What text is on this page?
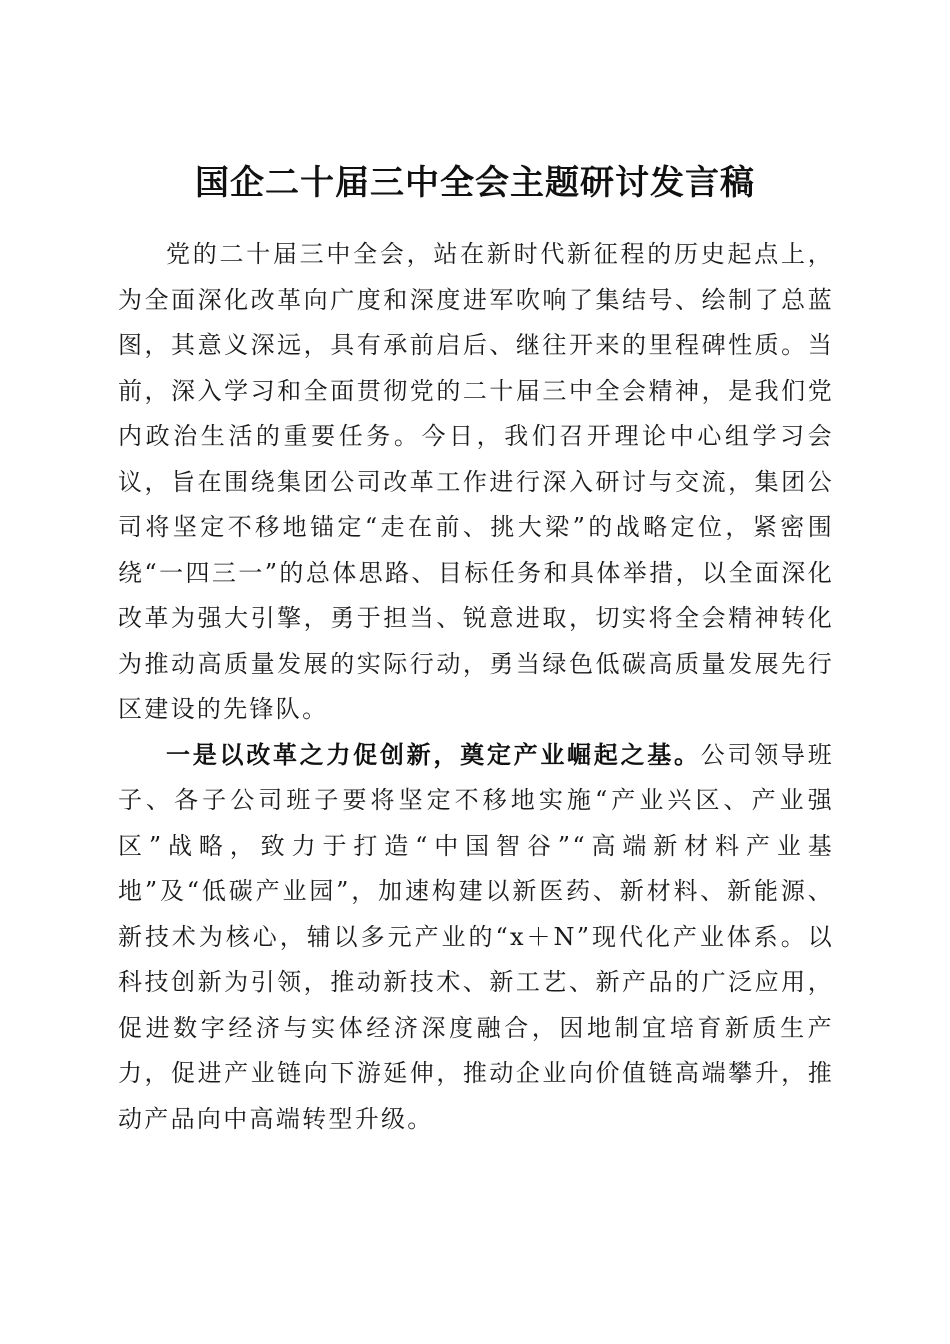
国企二十届三中全会主题研讨发言稿

党的二十届三中全会，站在新时代新征程的历史起点上，为全面深化改革向广度和深度进军吹响了集结号、绘制了总蓝图，其意义深远，具有承前启后、继往开来的里程碑性质。当前，深入学习和全面贯彻党的二十届三中全会精神，是我们党内政治生活的重要任务。今日，我们召开理论中心组学习会议，旨在围绕集团公司改革工作进行深入研讨与交流，集团公司将坚定不移地锚定“走在前、挑大梁”的战略定位，紧密围绕“一四三一”的总体思路、目标任务和具体举措，以全面深化改革为强大引擎，勇于担当、锐意进取，切实将全会精神转化为推动高质量发展的实际行动，勇当绿色低碳高质量发展先行区建设的先锋队。

一是以改革之力促创新，奠定产业崛起之基。公司领导班子、各子公司班子要将坚定不移地实施“产业兴区、产业强区”战略，致力于打造“中国智谷”“高端新材料产业基地”及“低碳产业园”，加速构建以新医药、新材料、新能源、新技术为核心，辅以多元产业的“x＋N”现代化产业体系。以科技创新为引领，推动新技术、新工艺、新产品的广泛应用，促进数字经济与实体经济深度融合，因地制宜培育新质生产力，促进产业链向下游延伸，推动企业向价值链高端攀升，推动产品向中高端转型升级。
